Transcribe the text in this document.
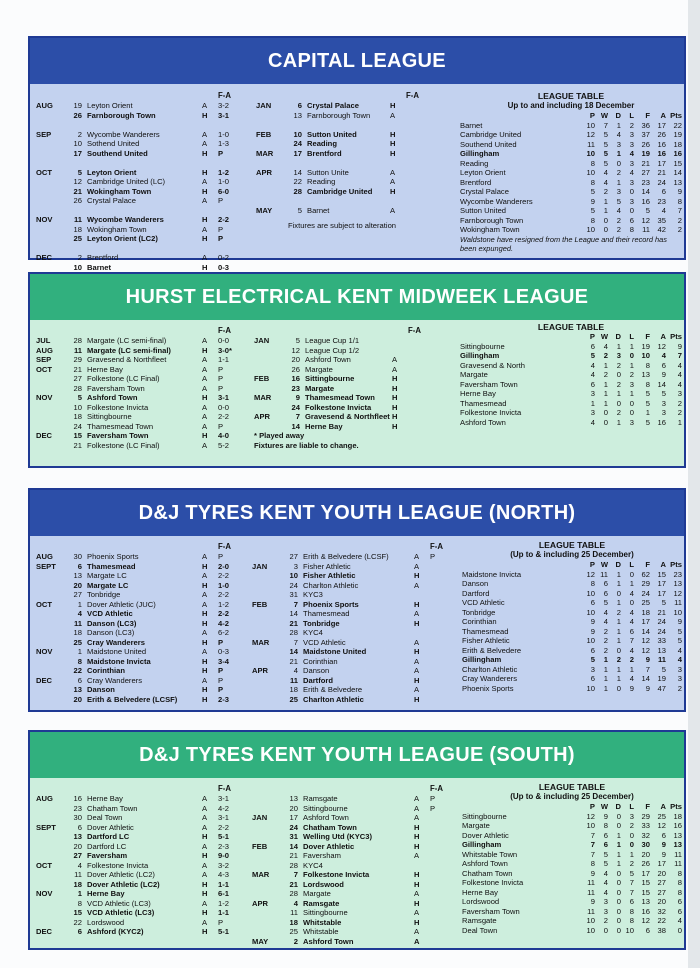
CAPITAL LEAGUE
F-A
AUG	19 Leyton Orient	A	3-2
26 Farnborough Town	H	3-1
SEP	2 Wycombe Wanderers	A	1-0
10 Sothend United	A	1-3
17 Southend United	H	P
OCT	5 Leyton Orient	H	1-2
12 Cambridge United (LC)	A	1-0
21 Wokingham Town	H	6-0
26 Crystal Palace	A	P
NOV	11 Wycombe Wanderers	H	2-2
18 Wokingham Town	A	P
25 Leyton Orient (LC2)	H	P
DEC	2 Brentford	A	0-2
10 Barnet	H	0-3
F-A
JAN	6 Crystal Palace	H
13 Farnborough Town	A
FEB	10 Sutton United	H
24 Reading	H
MAR	17 Brentford	H
APR	14 Sutton Unite	A
22 Reading	A
28 Cambridge United	H
MAY	5 Barnet	A
Fixtures are subject to alteration
LEAGUE TABLE
Up to and including 18 December
P W D	L	F	A Pts
Barnet	10	7	1	2 36 17 22
Cambridge United	12	5	4	3 37 26 19
Southend United	11	5	3	3 26 16 18
Gillingham	10	5	1	4 19 16 16
Reading	8	5	0	3 21 17 15
Leyton Orient	10	4	2	4 27 21 14
Brentford	8	4	1	3 23 24 13
Crystal Palace	5	2	3	0 14	6	9
Wycombe Wanderers	9	1	5	3 16 23	8
Sutton United	5	1	4	0	5	4	7
Farnborough Town	8	0	2	6 12 35	2
Wokingham Town	10	0	2	8	11 42	2
Waldstone have resigned from the League and their record has been expunged.
HURST ELECTRICAL KENT MIDWEEK LEAGUE
F-A
JUL	28 Margate (LC semi-final)	A	0-0
AUG	11 Margate (LC semi-final)	H	3-0*
SEP	29 Gravesend & Northfleet	A	1-1
OCT	21 Herne Bay	A	P
27 Folkestone (LC Final)	A	P
28 Faversham Town	A	P
NOV	5 Ashford Town	H	3-1
10 Folkestone Invicta	A	0-0
18 Sittingbourne	A	2-2
24 Thamesmead Town	A	P
DEC	15 Faversham Town	H	4-0
21 Folkestone (LC Final)	A	5-2
F-A
JAN	5 League Cup 1/1
12 League Cup 1/2
20 Ashford Town	A
26 Margate	A
FEB	16 Sittingbourne	H
23 Margate	H
MAR	9 Thamesmead Town	H
24 Folkestone Invicta	H
APR	7 Gravesend & Northfleet H
14 Herne Bay	H
* Played away
Fixtures are liable to change.
LEAGUE TABLE
P W D	L	F	A Pts
Sittingbourne	6	4	1	1 19 12	9
Gillingham	5	2	3	0 10	4	7
Gravesend & North	4	1	2	1	8	6	4
Margate	4	2	0	2 13	9	4
Faversham Town	6	1	2	3	8 14	4
Herne Bay	3	1	1	1	5	5	3
Thamesmead	1	1	0	0	5	3	2
Folkestone Invicta	3	0	2	0	1	3	2
Ashford Town	4	0	1	3	5 16	1
D&J TYRES KENT YOUTH LEAGUE (NORTH)
F-A
AUG	30 Phoenix Sports	A	P
SEPT	6 Thamesmead	H	2-0
13 Margate LC	A	2-2
20 Margate LC	H	1-0
27 Tonbridge	A	2-2
OCT	1 Dover Athletic (JUC)	A	1-2
4 VCD Athletic	H	2-2
11 Danson (LC3)	H	4-2
18 Danson (LC3)	A	6-2
25 Cray Wanderers	H	P
NOV	1 Maidstone United	A	0-3
8 Maidstone Invicta	H	3-4
22 Corinthian	H	P
DEC	6 Cray Wanderers	A	P
13 Danson	H	P
20 Erith & Belvedere (LCSF)	H	2-3
F-A
27 Erith & Belvedere (LCSF)	A	P
JAN	3 Fisher Athletic	A
10 Fisher Athletic	H
24 Charlton Athletic	A
31 KYC3
FEB	7 Phoenix Sports	H
14 Thamesmead	A
21 Tonbridge	H
28 KYC4
MAR	7 VCD Athletic	A
14 Maidstone United	H
21 Corinthian	A
APR	4 Danson	A
11 Dartford	H
18 Erith & Belvedere	A
25 Charlton Athletic	H
LEAGUE TABLE
(Up to & including 25 December)
P W D	L	F	A Pts
Maidstone Invicta	12 11	1	0 62 15 23
Danson	8	6	1	1 29 17 13
Dartford	10	6	0	4 24 17 12
VCD Athletic	6	5	1	0 25	5	11
Tonbridge	10	4	2	4 18 21 10
Corinthian	9	4	1	4 17 24	9
Thamesmead	9	2	1	6 14 24	5
Fisher Athletic	10	2	1	7 12 33	5
Erith & Belvedere	6	2	0	4 12 13	4
Gillingham	5	1	2	2	9	11	4
Charlton Athletic	3	1	1	1	7	5	3
Cray Wanderers	6	1	1	4 14 19	3
Phoenix Sports	10	1	0	9	9 47	2
D&J TYRES KENT YOUTH LEAGUE (SOUTH)
F-A
AUG	16 Herne Bay	A	3-1
23 Chatham Town	A	4-2
30 Deal Town	A	3-1
SEPT	6 Dover Athletic	A	2-2
13 Dartford LC	H	5-1
20 Dartford LC	A	2-3
27 Faversham	H	9-0
OCT	4 Folkestone Invicta	A	3-2
11 Dover Athletic (LC2)	A	4-3
18 Dover Athletic (LC2)	H	1-1
NOV	1 Herne Bay	H	6-1
8 VCD Athletic (LC3)	A	1-2
15 VCD Athletic (LC3)	H	1-1
22 Lordswood	A	P
DEC	6 Ashford (KYC2)	H	5-1
F-A
13 Ramsgate	A	P
20 Sittingbourne	A	P
JAN	17 Ashford Town	A
24 Chatham Town	H
31 Welling Utd (KYC3)	H
FEB	14 Dover Athletic	H
21 Faversham	A
28 KYC4
MAR	7 Folkestone Invicta	H
21 Lordswood	H
28 Margate	A
APR	4 Ramsgate	H
11 Sittingbourne	A
18 Whitstable	H
25 Whitstable	A
MAY	2 Ashford Town	A
LEAGUE TABLE
(Up to & including 25 December)
P W D	L	F	A Pts
Sittingbourne	12	9	0	3 29 25 18
Margate	10	8	0	2 33 12 16
Dover Athletic	7	6	1	0 32	6 13
Gillingham	7	6	1	0 30	9 13
Whitstable Town	7	5	1	1 20	9	11
Ashford Town	8	5	1	2 26 17	11
Chatham Town	9	4	0	5 17 20	8
Folkestone Invicta	11	4	0	7 15 27	8
Herne Bay	11	4	0	7 15 27	8
Lordswood	9	3	0	6 13 20	6
Faversham Town	11	3	0	8 16 32	6
Ramsgate	10	2	0	8 12 22	4
Deal Town	10	0	0 10	6 38	0
